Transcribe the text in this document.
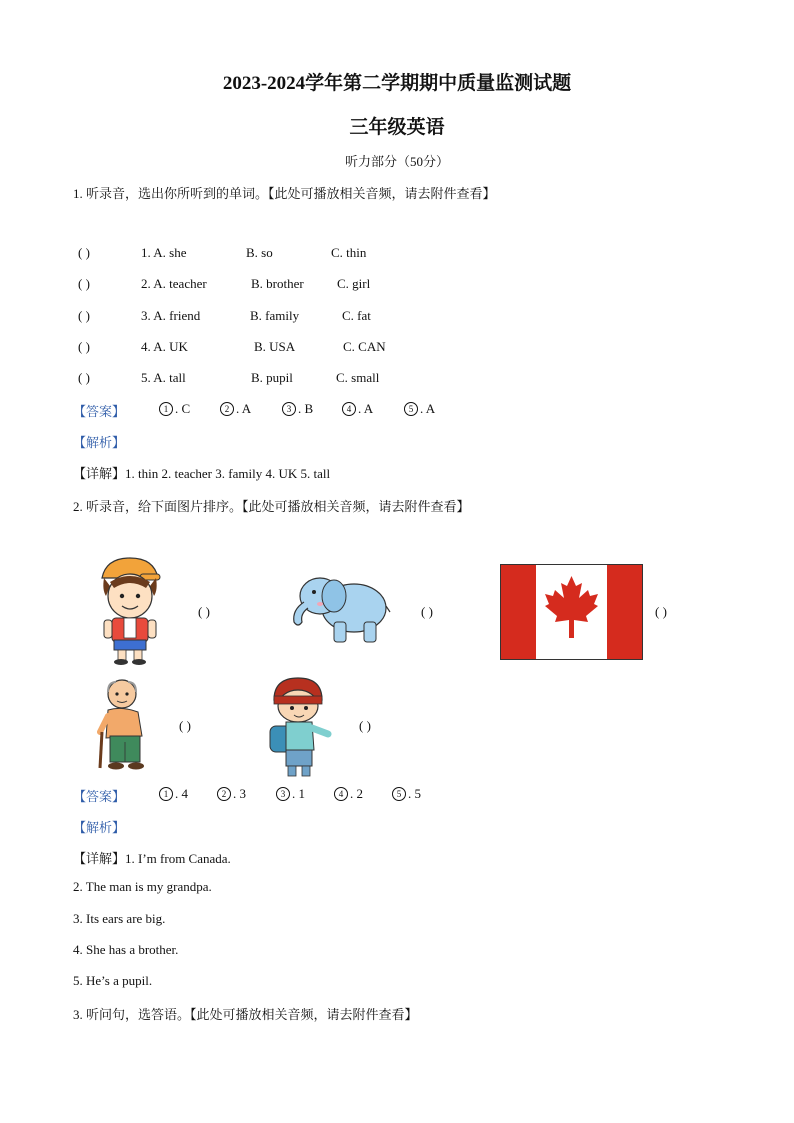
2023-2024学年第二学期期中质量监测试题
三年级英语
听力部分（50分）
1. 听录音，选出你所听到的单词。【此处可播放相关音频，请去附件查看】
( )	1. A. she	B. so	C. thin
( )	2. A. teacher	B. brother	C. girl
( )	3. A. friend	B. family	C. fat
( )	4. A. UK	B. USA	C. CAN
( )	5. A. tall	B. pupil	C. small
【答案】	1 . C	2 . A	3 . B	4 . A	5 . A
【解析】
【详解】1. thin 2. teacher 3. family 4. UK 5. tall
2. 听录音，给下面图片排序。【此处可播放相关音频，请去附件查看】
( )	( )	( )
( )	( )
【答案】	1 . 4	2 . 3	3 . 1	4 . 2	5 . 5
【解析】
【详解】1. I’m from Canada.
2. The man is my grandpa.
3. Its ears are big.
4. She has a brother.
5. He’s a pupil.
3. 听问句，选答语。【此处可播放相关音频，请去附件查看】
